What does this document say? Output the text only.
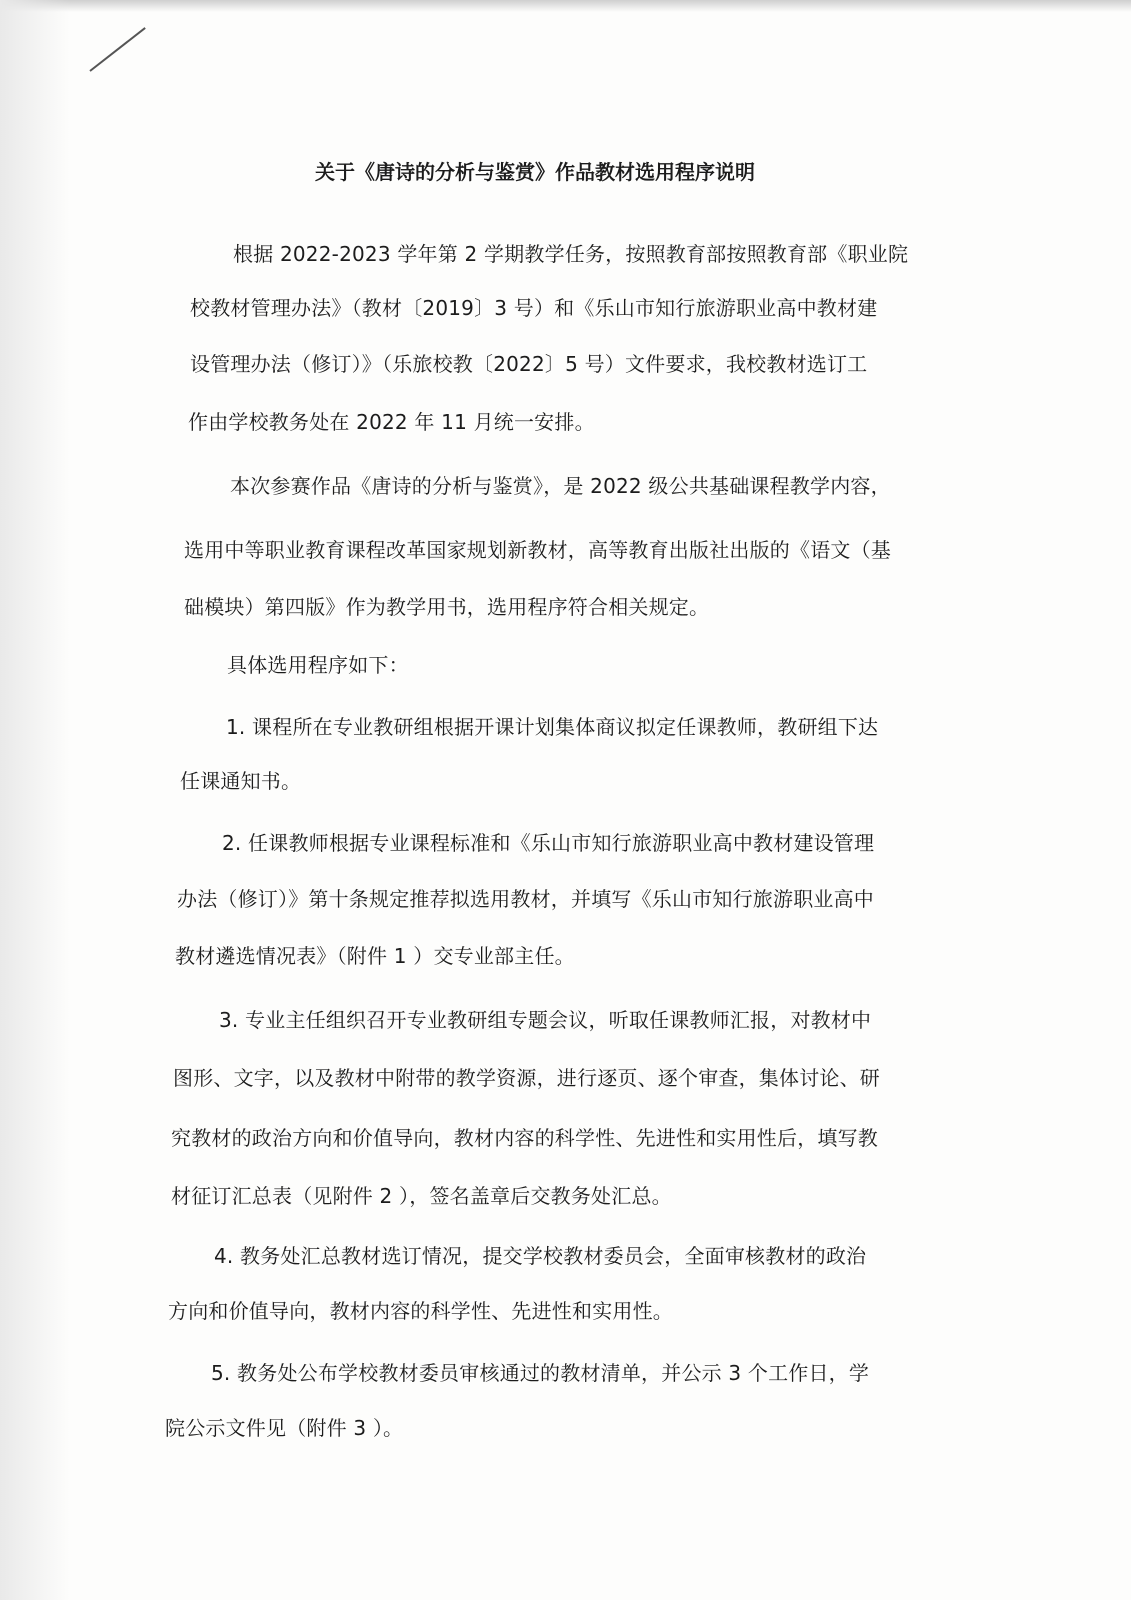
关于《唐诗的分析与鉴赏》作品教材选用程序说明
根据 2022-2023 学年第 2 学期教学任务，按照教育部按照教育部《职业院
校教材管理办法》（教材〔2019〕3 号）和《乐山市知行旅游职业高中教材建
设管理办法（修订）》（乐旅校教〔2022〕5 号）文件要求，我校教材选订工
作由学校教务处在 2022 年 11 月统一安排。
本次参赛作品《唐诗的分析与鉴赏》，是 2022 级公共基础课程教学内容，
选用中等职业教育课程改革国家规划新教材，高等教育出版社出版的《语文（基
础模块）第四版》作为教学用书，选用程序符合相关规定。
具体选用程序如下：
1. 课程所在专业教研组根据开课计划集体商议拟定任课教师，教研组下达
任课通知书。
2. 任课教师根据专业课程标准和《乐山市知行旅游职业高中教材建设管理
办法（修订）》第十条规定推荐拟选用教材，并填写《乐山市知行旅游职业高中
教材遴选情况表》（附件 1 ）交专业部主任。
3. 专业主任组织召开专业教研组专题会议，听取任课教师汇报，对教材中
图形、文字，以及教材中附带的教学资源，进行逐页、逐个审查，集体讨论、研
究教材的政治方向和价值导向，教材内容的科学性、先进性和实用性后，填写教
材征订汇总表（见附件 2 ），签名盖章后交教务处汇总。
4. 教务处汇总教材选订情况，提交学校教材委员会，全面审核教材的政治
方向和价值导向，教材内容的科学性、先进性和实用性。
5. 教务处公布学校教材委员审核通过的教材清单，并公示 3 个工作日，学
院公示文件见（附件 3 ）。
